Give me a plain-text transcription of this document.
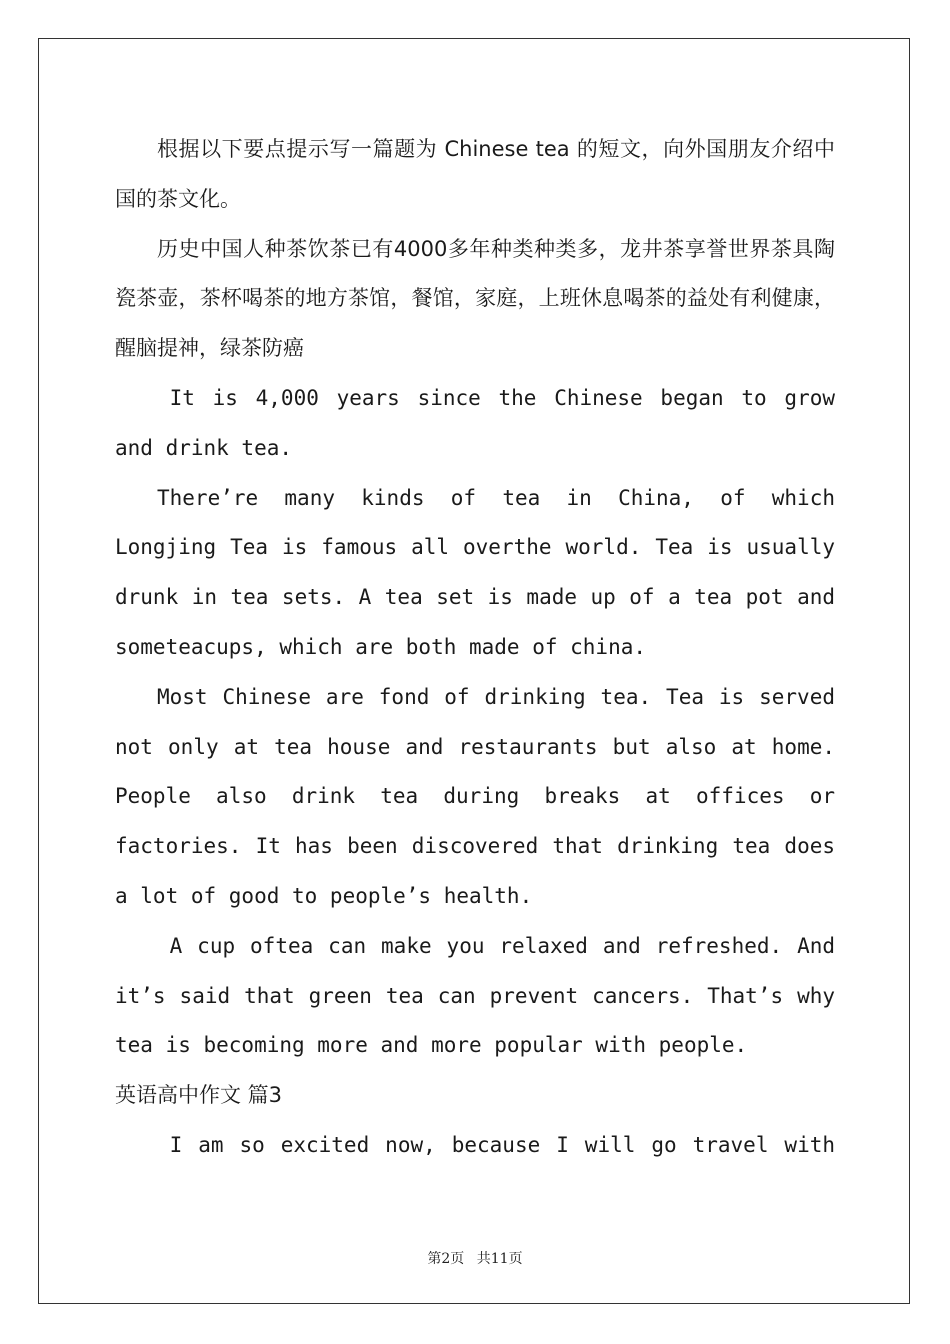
根据以下要点提示写一篇题为 Chinese tea 的短文，向外国朋友介绍中国的茶文化。

历史中国人种茶饮茶已有4000多年种类种类多，龙井茶享誉世界茶具陶瓷茶壶，茶杯喝茶的地方茶馆，餐馆，家庭，上班休息喝茶的益处有利健康，醒脑提神，绿茶防癌

It is 4,000 years since the Chinese began to grow and drink tea.

There’re many kinds of tea in China, of which Longjing Tea is famous all overthe world. Tea is usually drunk in tea sets. A tea set is made up of a tea pot and someteacups, which are both made of china.

Most Chinese are fond of drinking tea. Tea is served not only at tea house and restaurants but also at home. People also drink tea during breaks at offices or factories. It has been discovered that drinking tea does a lot of good to people’s health.

A cup oftea can make you relaxed and refreshed. And it’s said that green tea can prevent cancers. That’s why tea is becoming more and more popular with people.

英语高中作文 篇3

I am so excited now, because I will go travel with

第2页 共11页
